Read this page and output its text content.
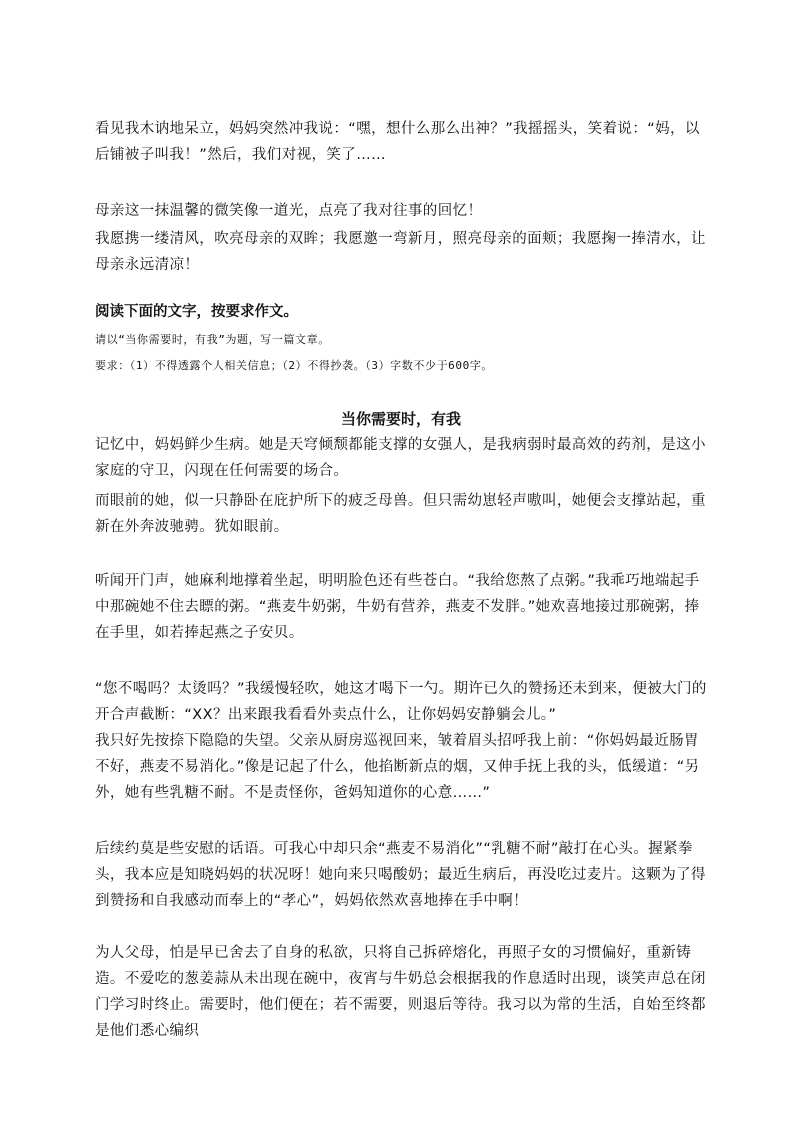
看见我木讷地呆立，妈妈突然冲我说：“嘿，想什么那么出神？”我摇摇头，笑着说：“妈，以后铺被子叫我！”然后，我们对视，笑了……

母亲这一抹温馨的微笑像一道光，点亮了我对往事的回忆！

我愿携一缕清风，吹亮母亲的双眸；我愿邀一弯新月，照亮母亲的面颊；我愿掬一捧清水，让母亲永远清凉！

阅读下面的文字，按要求作文。

请以“当你需要时，有我”为题，写一篇文章。

要求：（1）不得透露个人相关信息；（2）不得抄袭。（3）字数不少于600字。

当你需要时，有我

记忆中，妈妈鲜少生病。她是天穹倾颓都能支撑的女强人，是我病弱时最高效的药剂，是这小家庭的守卫，闪现在任何需要的场合。

而眼前的她，似一只静卧在庇护所下的疲乏母兽。但只需幼崽轻声嗷叫，她便会支撑站起，重新在外奔波驰骋。犹如眼前。

听闻开门声，她麻利地撑着坐起，明明脸色还有些苍白。“我给您熬了点粥。”我乖巧地端起手中那碗她不住去瞟的粥。“燕麦牛奶粥，牛奶有营养，燕麦不发胖。”她欢喜地接过那碗粥，捧在手里，如若捧起燕之子安贝。

“您不喝吗？太烫吗？”我缓慢轻吹，她这才喝下一勺。期许已久的赞扬还未到来，便被大门的开合声截断：“XX？出来跟我看看外卖点什么，让你妈妈安静躺会儿。”

我只好先按捺下隐隐的失望。父亲从厨房巡视回来，皱着眉头招呼我上前：“你妈妈最近肠胃不好，燕麦不易消化。”像是记起了什么，他掐断新点的烟，又伸手抚上我的头，低缓道：“另外，她有些乳糖不耐。不是责怪你，爸妈知道你的心意……”

后续约莫是些安慰的话语。可我心中却只余“燕麦不易消化”“乳糖不耐”敲打在心头。握紧拳头，我本应是知晓妈妈的状况呀！她向来只喝酸奶；最近生病后，再没吃过麦片。这颗为了得到赞扬和自我感动而奉上的“孝心”，妈妈依然欢喜地捧在手中啊！

为人父母，怕是早已舍去了自身的私欲，只将自己拆碎熔化，再照子女的习惯偏好，重新铸造。不爱吃的葱姜蒜从未出现在碗中，夜宵与牛奶总会根据我的作息适时出现，谈笑声总在闭门学习时终止。需要时，他们便在；若不需要，则退后等待。我习以为常的生活，自始至终都是他们悉心编织
